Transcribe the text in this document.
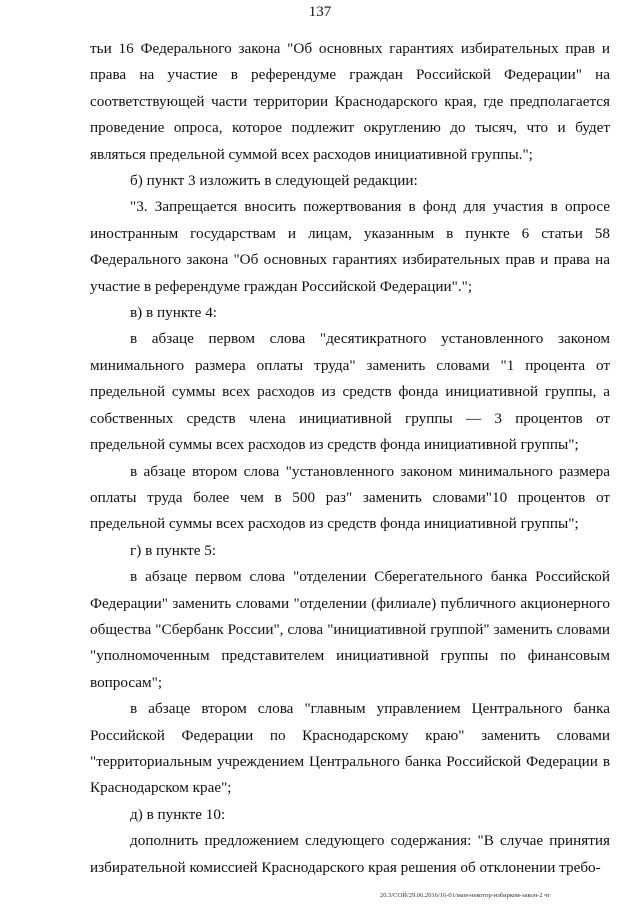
137

тьи 16 Федерального закона "Об основных гарантиях избирательных прав и права на участие в референдуме граждан Российской Федерации" на соответствующей части территории Краснодарского края, где предполагается проведение опроса, которое подлежит округлению до тысяч, что и будет являться предельной суммой всех расходов инициативной группы.";

б) пункт 3 изложить в следующей редакции:

"3. Запрещается вносить пожертвования в фонд для участия в опросе иностранным государствам и лицам, указанным в пункте 6 статьи 58 Федерального закона "Об основных гарантиях избирательных прав и права на участие в референдуме граждан Российской Федерации".";

в) в пункте 4:

в абзаце первом слова "десятикратного установленного законом минимального размера оплаты труда" заменить словами "1 процента от предельной суммы всех расходов из средств фонда инициативной группы, а собственных средств члена инициативной группы — 3 процентов от предельной суммы всех расходов из средств фонда инициативной группы";

в абзаце втором слова "установленного законом минимального размера оплаты труда более чем в 500 раз" заменить словами"10 процентов от предельной суммы всех расходов из средств фонда инициативной группы";

г) в пункте 5:

в абзаце первом слова "отделении Сберегательного банка Российской Федерации" заменить словами "отделении (филиале) публичного акционерного общества "Сбербанк России", слова "инициативной группой" заменить словами "уполномоченным представителем инициативной группы по финансовым вопросам";

в абзаце втором слова "главным управлением Центрального банка Российской Федерации по Краснодарскому краю" заменить словами "территориальным учреждением Центрального банка Российской Федерации в Краснодарском крае";

д) в пункте 10:

дополнить предложением следующего содержания: "В случае принятия избирательной комиссией Краснодарского края решения об отклонении требо-

20.3/СОЙ/29.06.2016/16-01/мам-некотор-избирком-закон-2 чт
